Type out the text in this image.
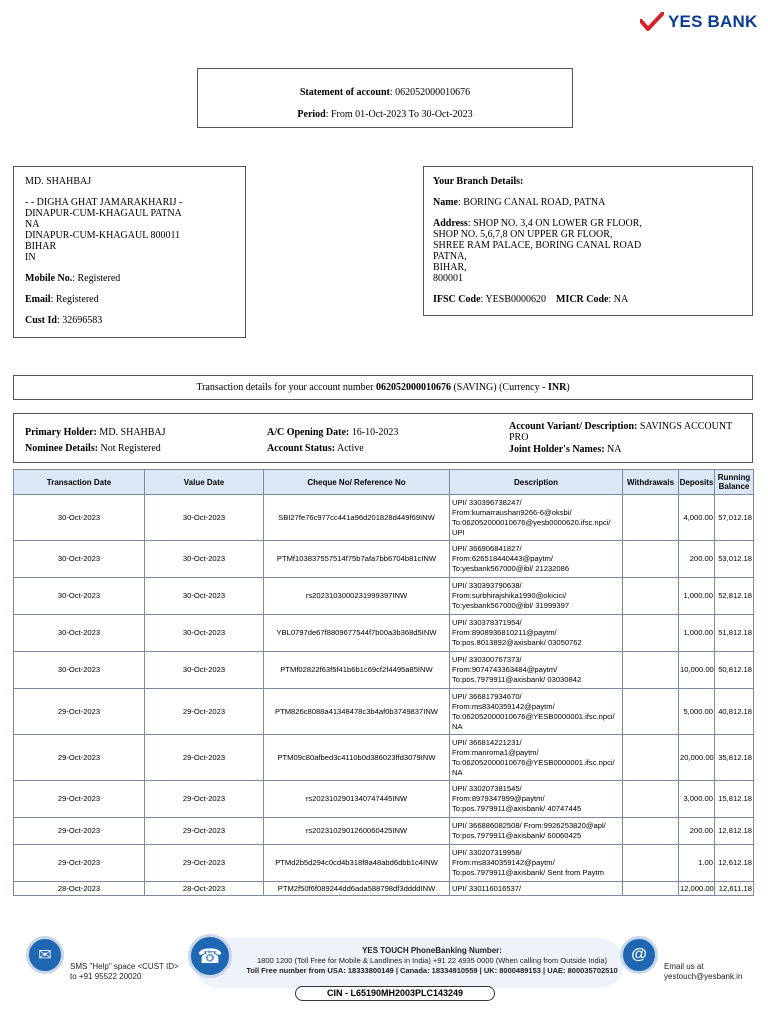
YES BANK
Statement of account: 062052000010676
Period: From 01-Oct-2023 To 30-Oct-2023
MD. SHAHBAJ
- - DIGHA GHAT JAMARAKHARIJ -
DINAPUR-CUM-KHAGAUL PATNA
NA
DINAPUR-CUM-KHAGAUL 800011
BIHAR
IN
Mobile No.: Registered
Email: Registered
Cust Id: 32696583
Your Branch Details:
Name: BORING CANAL ROAD, PATNA
Address: SHOP NO. 3,4 ON LOWER GR FLOOR,
SHOP NO. 5,6,7,8 ON UPPER GR FLOOR,
SHREE RAM PALACE, BORING CANAL ROAD
PATNA,
BIHAR,
800001
IFSC Code: YESB0000620 MICR Code: NA
Transaction details for your account number 062052000010676 (SAVING) (Currency - INR)
Primary Holder: MD. SHAHBAJ
Nominee Details: Not Registered
A/C Opening Date: 16-10-2023
Account Status: Active
Account Variant/ Description: SAVINGS ACCOUNT PRO
Joint Holder's Names: NA
Transaction Date	Value Date	Cheque No/ Reference No	Description	Withdrawals	Deposits	Running Balance
30-Oct-2023	30-Oct-2023	SBI27fe76c977cc441a96d201828d449f69INW	UPI/ 330396738247/
From:kumarraushan9266-6@oksbi/
To:062052000010676@yesb0000620.ifsc.npci/
UPI		4,000.00	57,012.18
30-Oct-2023	30-Oct-2023	PTMf103837557514f75b7afa7bb6704b81cINW	UPI/ 366906841827/
From:626518440443@paytm/
To:yesbank567000@ibl/ 21232086		200.00	53,012.18
30-Oct-2023	30-Oct-2023	rs2023103000231999397INW	UPI/ 330393790638/
From:surbhirajshika1990@okicici/
To:yesbank567000@ibl/ 31999397		1,000.00	52,812.18
30-Oct-2023	30-Oct-2023	YBL0797de67f8809677544f7b00a3b368d5INW	UPI/ 330378371954/
From:8908936810211@paytm/
To:pos.8013892@axisbank/ 03050762		1,000.00	51,812.18
30-Oct-2023	30-Oct-2023	PTMf02822f63f5f41b6b1c69cf2f4495a85INW	UPI/ 330300767373/
From:9074743363484@paytm/
To:pos.7979911@axisbank/ 03030842		10,000.00	50,812.18
29-Oct-2023	29-Oct-2023	PTM826c8088a41348478c3b4af0b3749837INW	UPI/ 366817934670/
From:ms8340359142@paytm/
To:062052000010676@YESB0000001.ifsc.npci/
NA		5,000.00	40,812.18
29-Oct-2023	29-Oct-2023	PTM09c80afbed3c4110b0d386023ffd3079INW	UPI/ 366814221231/
From:manroma1@paytm/
To:062052000010676@YESB0000001.ifsc.npci/
NA		20,000.00	35,812.18
29-Oct-2023	29-Oct-2023	rs2023102901340747445INW	UPI/ 330207381545/
From:8979347999@paytm/
To:pos.7979911@axisbank/ 40747445		3,000.00	15,812.18
29-Oct-2023	29-Oct-2023	rs2023102901260060425INW	UPI/ 366886082508/ From:9926253820@apl/
To:pos.7979911@axisbank/ 60060425		200.00	12,812.18
29-Oct-2023	29-Oct-2023	PTMd2b5d294c0cd4b318f8a48abd6dbb1c4INW	UPI/ 330207319958/
From:ms8340359142@paytm/
To:pos.7979911@axisbank/ Sent from Paytm		1.00	12,612.18
28-Oct-2023	28-Oct-2023	PTM2f50f6f089244dd6ada588798df3ddddINW	UPI/ 330116016537/		12,000.00	12,611.18
✉
SMS "Help" space <CUST ID>
to +91 95522 20020
☎	YES TOUCH PhoneBanking Number:
1800 1200 (Toll Free for Mobile & Landlines in India) +91 22 4935 0000 (When calling from Outside India)
Toll Free number from USA: 18333800149 | Canada: 18334910559 | UK: 8000489153 | UAE: 800035702510
@
Email us at
yestouch@yesbank.in
CIN - L65190MH2003PLC143249
